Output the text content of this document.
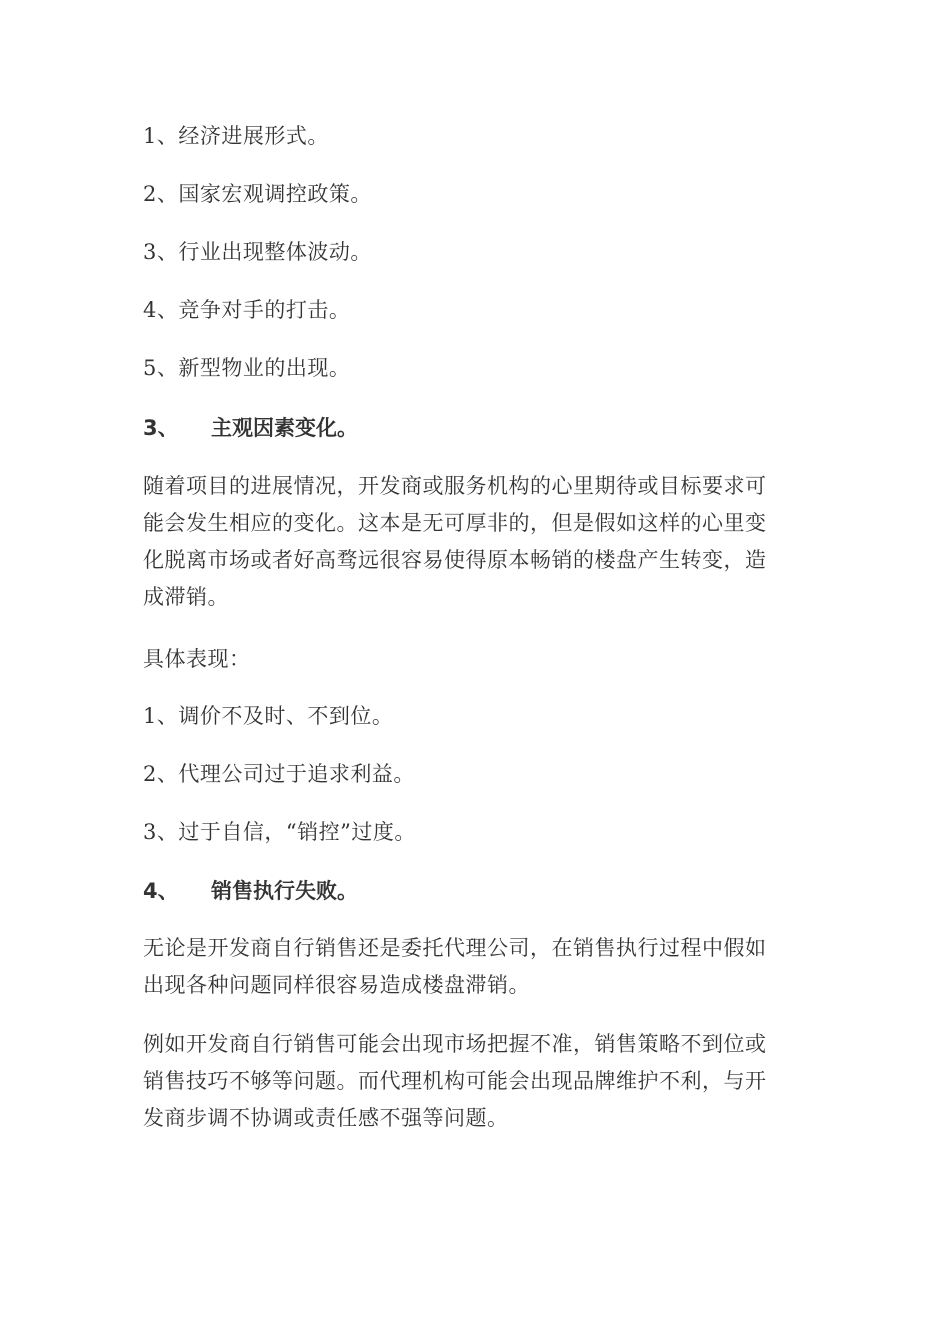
1、经济进展形式。
2、国家宏观调控政策。
3、行业出现整体波动。
4、竞争对手的打击。
5、新型物业的出现。
3、 主观因素变化。
随着项目的进展情况，开发商或服务机构的心里期待或目标要求可
能会发生相应的变化。这本是无可厚非的，但是假如这样的心里变
化脱离市场或者好高骛远很容易使得原本畅销的楼盘产生转变，造
成滞销。
具体表现：
1、调价不及时、不到位。
2、代理公司过于追求利益。
3、过于自信，“销控”过度。
4、 销售执行失败。
无论是开发商自行销售还是委托代理公司，在销售执行过程中假如
出现各种问题同样很容易造成楼盘滞销。
例如开发商自行销售可能会出现市场把握不准，销售策略不到位或
销售技巧不够等问题。而代理机构可能会出现品牌维护不利，与开
发商步调不协调或责任感不强等问题。
